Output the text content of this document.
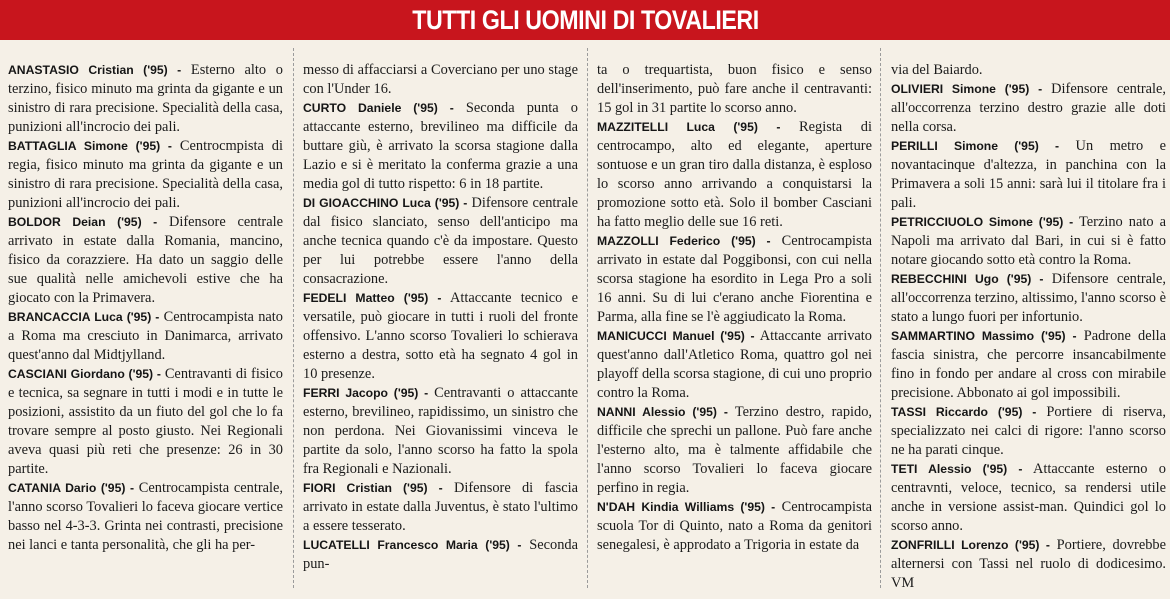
TUTTI GLI UOMINI DI TOVALIERI

ANASTASIO Cristian ('95) - Esterno alto o terzino, fisico minuto ma grinta da gigante e un sinistro di rara precisione. Specialità della casa, punizioni all'incrocio dei pali.

BATTAGLIA Simone ('95) - Centrocmpista di regia, fisico minuto ma grinta da gigante e un sinistro di rara precisione. Specialità della casa, punizioni all'incrocio dei pali.

BOLDOR Deian ('95) - Difensore centrale arrivato in estate dalla Romania, mancino, fisico da corazziere. Ha dato un saggio delle sue qualità nelle amichevoli estive che ha giocato con la Primavera.

BRANCACCIA Luca ('95) - Centrocampista nato a Roma ma cresciuto in Danimarca, arrivato quest'anno dal Midtjylland.

CASCIANI Giordano ('95) - Centravanti di fisico e tecnica, sa segnare in tutti i modi e in tutte le posizioni, assistito da un fiuto del gol che lo fa trovare sempre al posto giusto. Nei Regionali aveva quasi più reti che presenze: 26 in 30 partite.

CATANIA Dario ('95) - Centrocampista centrale, l'anno scorso Tovalieri lo faceva giocare vertice basso nel 4-3-3. Grinta nei contrasti, precisione nei lanci e tanta personalità, che gli ha per-

messo di affacciarsi a Coverciano per uno stage con l'Under 16.

CURTO Daniele ('95) - Seconda punta o attaccante esterno, brevilineo ma difficile da buttare giù, è arrivato la scorsa stagione dalla Lazio e si è meritato la conferma grazie a una media gol di tutto rispetto: 6 in 18 partite.

DI GIOACCHINO Luca ('95) - Difensore centrale dal fisico slanciato, senso dell'anticipo ma anche tecnica quando c'è da impostare. Questo per lui potrebbe essere l'anno della consacrazione.

FEDELI Matteo ('95) - Attaccante tecnico e versatile, può giocare in tutti i ruoli del fronte offensivo. L'anno scorso Tovalieri lo schierava esterno a destra, sotto età ha segnato 4 gol in 10 presenze.

FERRI Jacopo ('95) - Centravanti o attaccante esterno, brevilineo, rapidissimo, un sinistro che non perdona. Nei Giovanissimi vinceva le partite da solo, l'anno scorso ha fatto la spola fra Regionali e Nazionali.

FIORI Cristian ('95) - Difensore di fascia arrivato in estate dalla Juventus, è stato l'ultimo a essere tesserato.

LUCATELLI Francesco Maria ('95) - Seconda pun-

ta o trequartista, buon fisico e senso dell'inserimento, può fare anche il centravanti: 15 gol in 31 partite lo scorso anno.

MAZZITELLI Luca ('95) - Regista di centrocampo, alto ed elegante, aperture sontuose e un gran tiro dalla distanza, è esploso lo scorso anno arrivando a conquistarsi la promozione sotto età. Solo il bomber Casciani ha fatto meglio delle sue 16 reti.

MAZZOLLI Federico ('95) - Centrocampista arrivato in estate dal Poggibonsi, con cui nella scorsa stagione ha esordito in Lega Pro a soli 16 anni. Su di lui c'erano anche Fiorentina e Parma, alla fine se l'è aggiudicato la Roma.

MANICUCCI Manuel ('95) - Attaccante arrivato quest'anno dall'Atletico Roma, quattro gol nei playoff della scorsa stagione, di cui uno proprio contro la Roma.

NANNI Alessio ('95) - Terzino destro, rapido, difficile che sprechi un pallone. Può fare anche l'esterno alto, ma è talmente affidabile che l'anno scorso Tovalieri lo faceva giocare perfino in regia.

N'DAH Kindia Williams ('95) - Centrocampista scuola Tor di Quinto, nato a Roma da genitori senegalesi, è approdato a Trigoria in estate da

via del Baiardo.

OLIVIERI Simone ('95) - Difensore centrale, all'occorrenza terzino destro grazie alle doti nella corsa.

PERILLI Simone ('95) - Un metro e novantacinque d'altezza, in panchina con la Primavera a soli 15 anni: sarà lui il titolare fra i pali.

PETRICCIUOLO Simone ('95) - Terzino nato a Napoli ma arrivato dal Bari, in cui si è fatto notare giocando sotto età contro la Roma.

REBECCHINI Ugo ('95) - Difensore centrale, all'occorrenza terzino, altissimo, l'anno scorso è stato a lungo fuori per infortunio.

SAMMARTINO Massimo ('95) - Padrone della fascia sinistra, che percorre insancabilmente fino in fondo per andare al cross con mirabile precisione. Abbonato ai gol impossibili.

TASSI Riccardo ('95) - Portiere di riserva, specializzato nei calci di rigore: l'anno scorso ne ha parati cinque.

TETI Alessio ('95) - Attaccante esterno o centravnti, veloce, tecnico, sa rendersi utile anche in versione assist-man. Quindici gol lo scorso anno.

ZONFRILLI Lorenzo ('95) - Portiere, dovrebbe alternersi con Tassi nel ruolo di dodicesimo. VM
